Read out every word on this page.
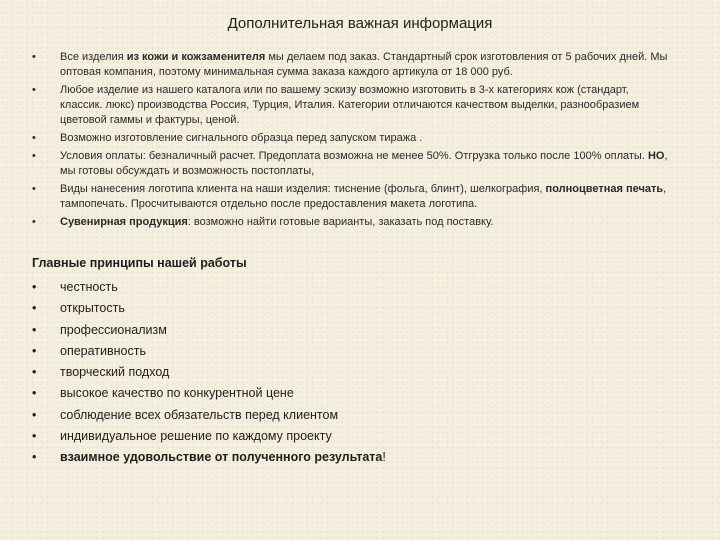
Дополнительная важная информация
• Все изделия из кожи и кожзаменителя мы делаем под заказ. Стандартный срок изготовления от 5 рабочих дней. Мы оптовая компания, поэтому минимальная сумма заказа каждого артикула от 18 000 руб.
• Любое изделие из нашего каталога или по вашему эскизу возможно изготовить в 3-х категориях кож (стандарт, классик. люкс) производства Россия, Турция, Италия. Категории отличаются качеством выделки, разнообразием цветовой гаммы и фактуры, ценой.
• Возможно изготовление сигнального образца перед запуском тиража .
• Условия оплаты: безналичный расчет. Предоплата возможна не менее 50%. Отгрузка только после 100% оплаты. НО, мы готовы обсуждать и возможность постоплаты,
• Виды нанесения логотипа клиента на наши изделия: тиснение (фольга, блинт), шелкография, полноцветная печать, тампопечать. Просчитываются отдельно после предоставления макета логотипа.
• Сувенирная продукция: возможно найти готовые варианты, заказать под поставку.
Главные принципы нашей работы
• честность
• открытость
• профессионализм
• оперативность
• творческий подход
• высокое качество по конкурентной цене
• соблюдение всех обязательств перед клиентом
• индивидуальное решение по каждому проекту
• взаимное удовольствие от полученного результата!
